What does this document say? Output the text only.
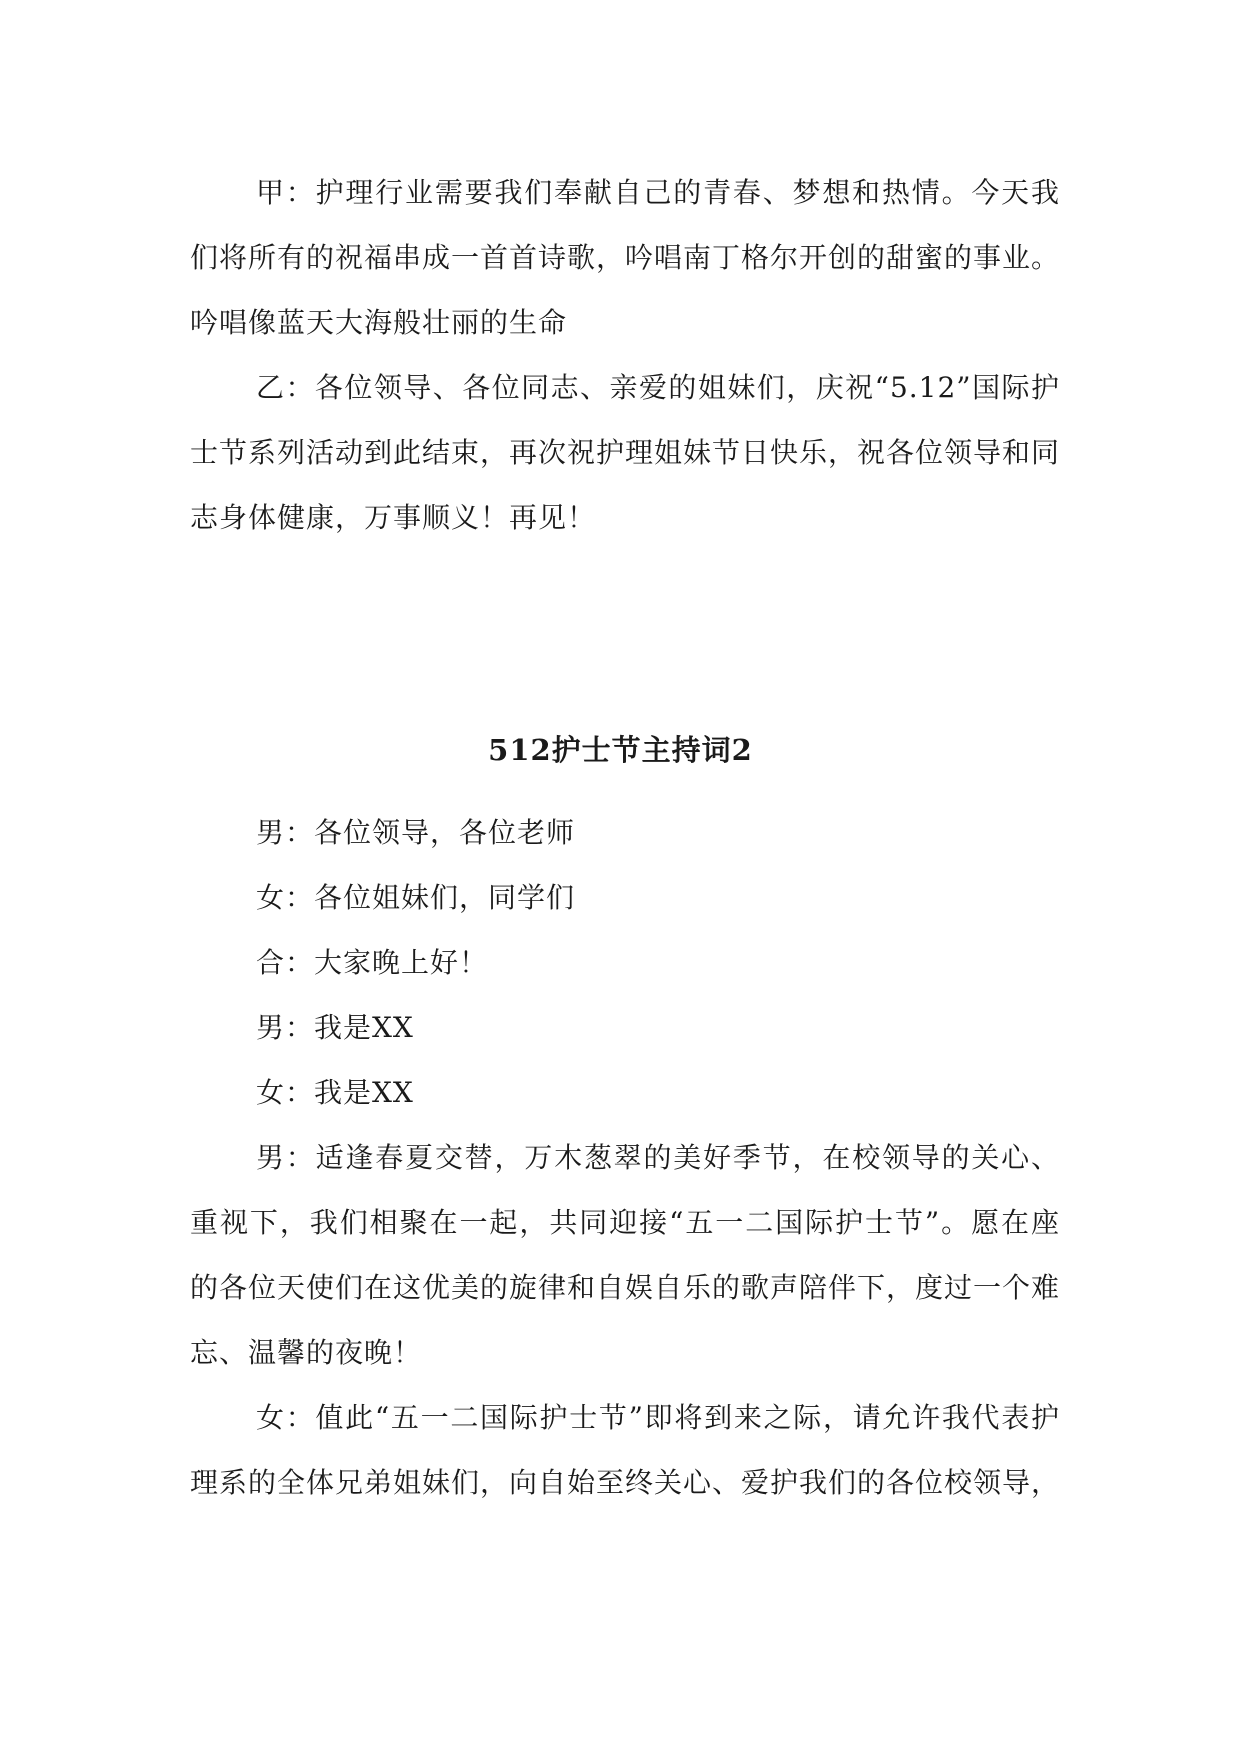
甲：护理行业需要我们奉献自己的青春、梦想和热情。今天我们将所有的祝福串成一首首诗歌，吟唱南丁格尔开创的甜蜜的事业。吟唱像蓝天大海般壮丽的生命

乙：各位领导、各位同志、亲爱的姐妹们，庆祝“5.12”国际护士节系列活动到此结束，再次祝护理姐妹节日快乐，祝各位领导和同志身体健康，万事顺义！再见！

512护士节主持词2

男：各位领导，各位老师

女：各位姐妹们，同学们

合：大家晚上好！

男：我是XX

女：我是XX

男：适逢春夏交替，万木葱翠的美好季节，在校领导的关心、重视下，我们相聚在一起，共同迎接“五一二国际护士节”。愿在座的各位天使们在这优美的旋律和自娱自乐的歌声陪伴下，度过一个难忘、温馨的夜晚！

女：值此“五一二国际护士节”即将到来之际，请允许我代表护理系的全体兄弟姐妹们，向自始至终关心、爱护我们的各位校领导，
